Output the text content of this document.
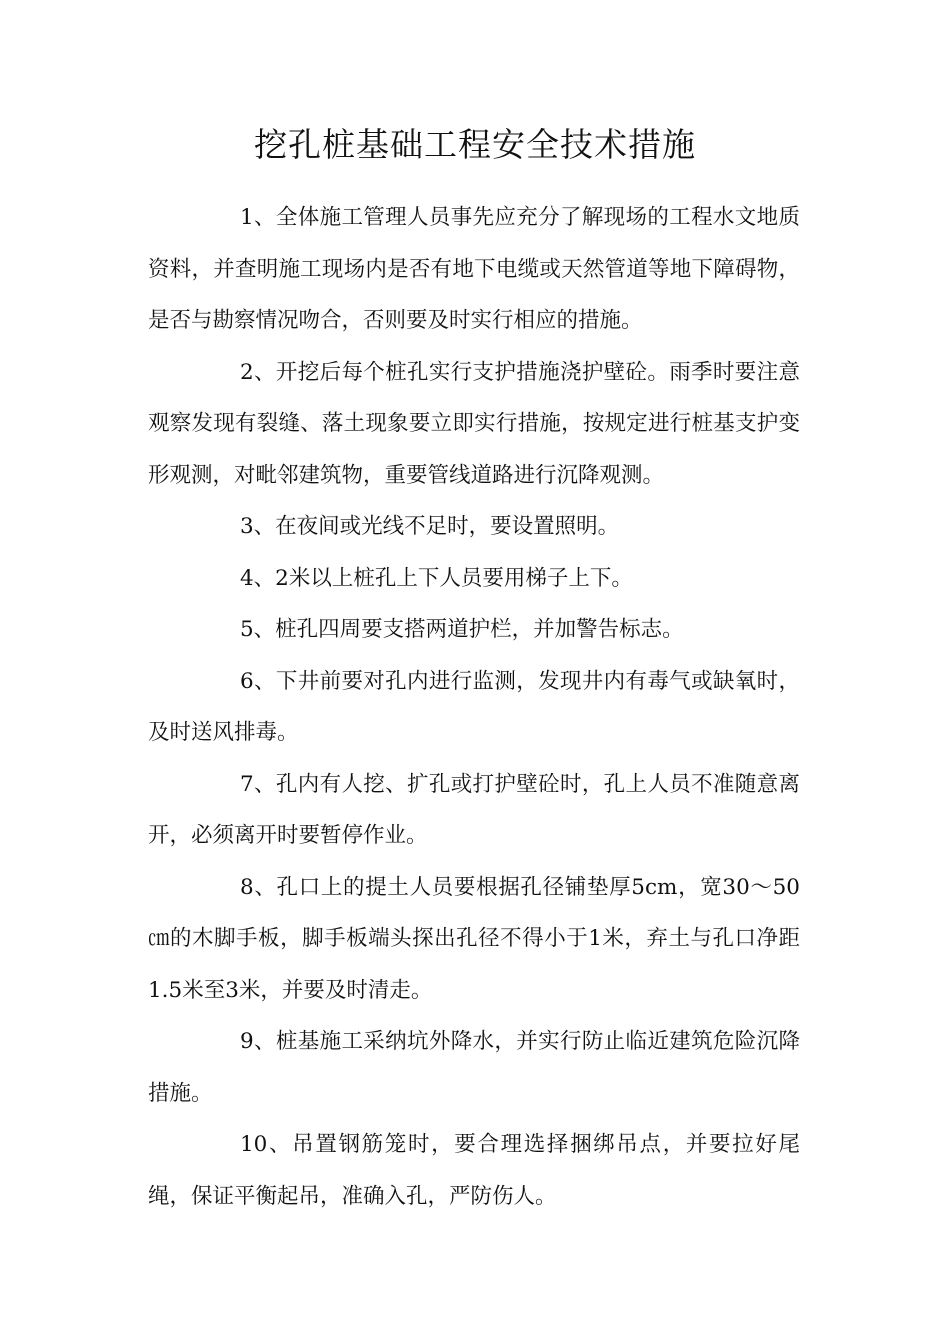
挖孔桩基础工程安全技术措施

1、全体施工管理人员事先应充分了解现场的工程水文地质资料，并查明施工现场内是否有地下电缆或天然管道等地下障碍物，是否与勘察情况吻合，否则要及时实行相应的措施。

2、开挖后每个桩孔实行支护措施浇护壁砼。雨季时要注意观察发现有裂缝、落土现象要立即实行措施，按规定进行桩基支护变形观测，对毗邻建筑物，重要管线道路进行沉降观测。

3、在夜间或光线不足时，要设置照明。

4、2米以上桩孔上下人员要用梯子上下。

5、桩孔四周要支搭两道护栏，并加警告标志。

6、下井前要对孔内进行监测，发现井内有毒气或缺氧时，及时送风排毒。

7、孔内有人挖、扩孔或打护壁砼时，孔上人员不准随意离开，必须离开时要暂停作业。

8、孔口上的提土人员要根据孔径铺垫厚5cm，宽30～50㎝的木脚手板，脚手板端头探出孔径不得小于1米，弃土与孔口净距1.5米至3米，并要及时清走。

9、桩基施工采纳坑外降水，并实行防止临近建筑危险沉降措施。

10、吊置钢筋笼时，要合理选择捆绑吊点，并要拉好尾绳，保证平衡起吊，准确入孔，严防伤人。
